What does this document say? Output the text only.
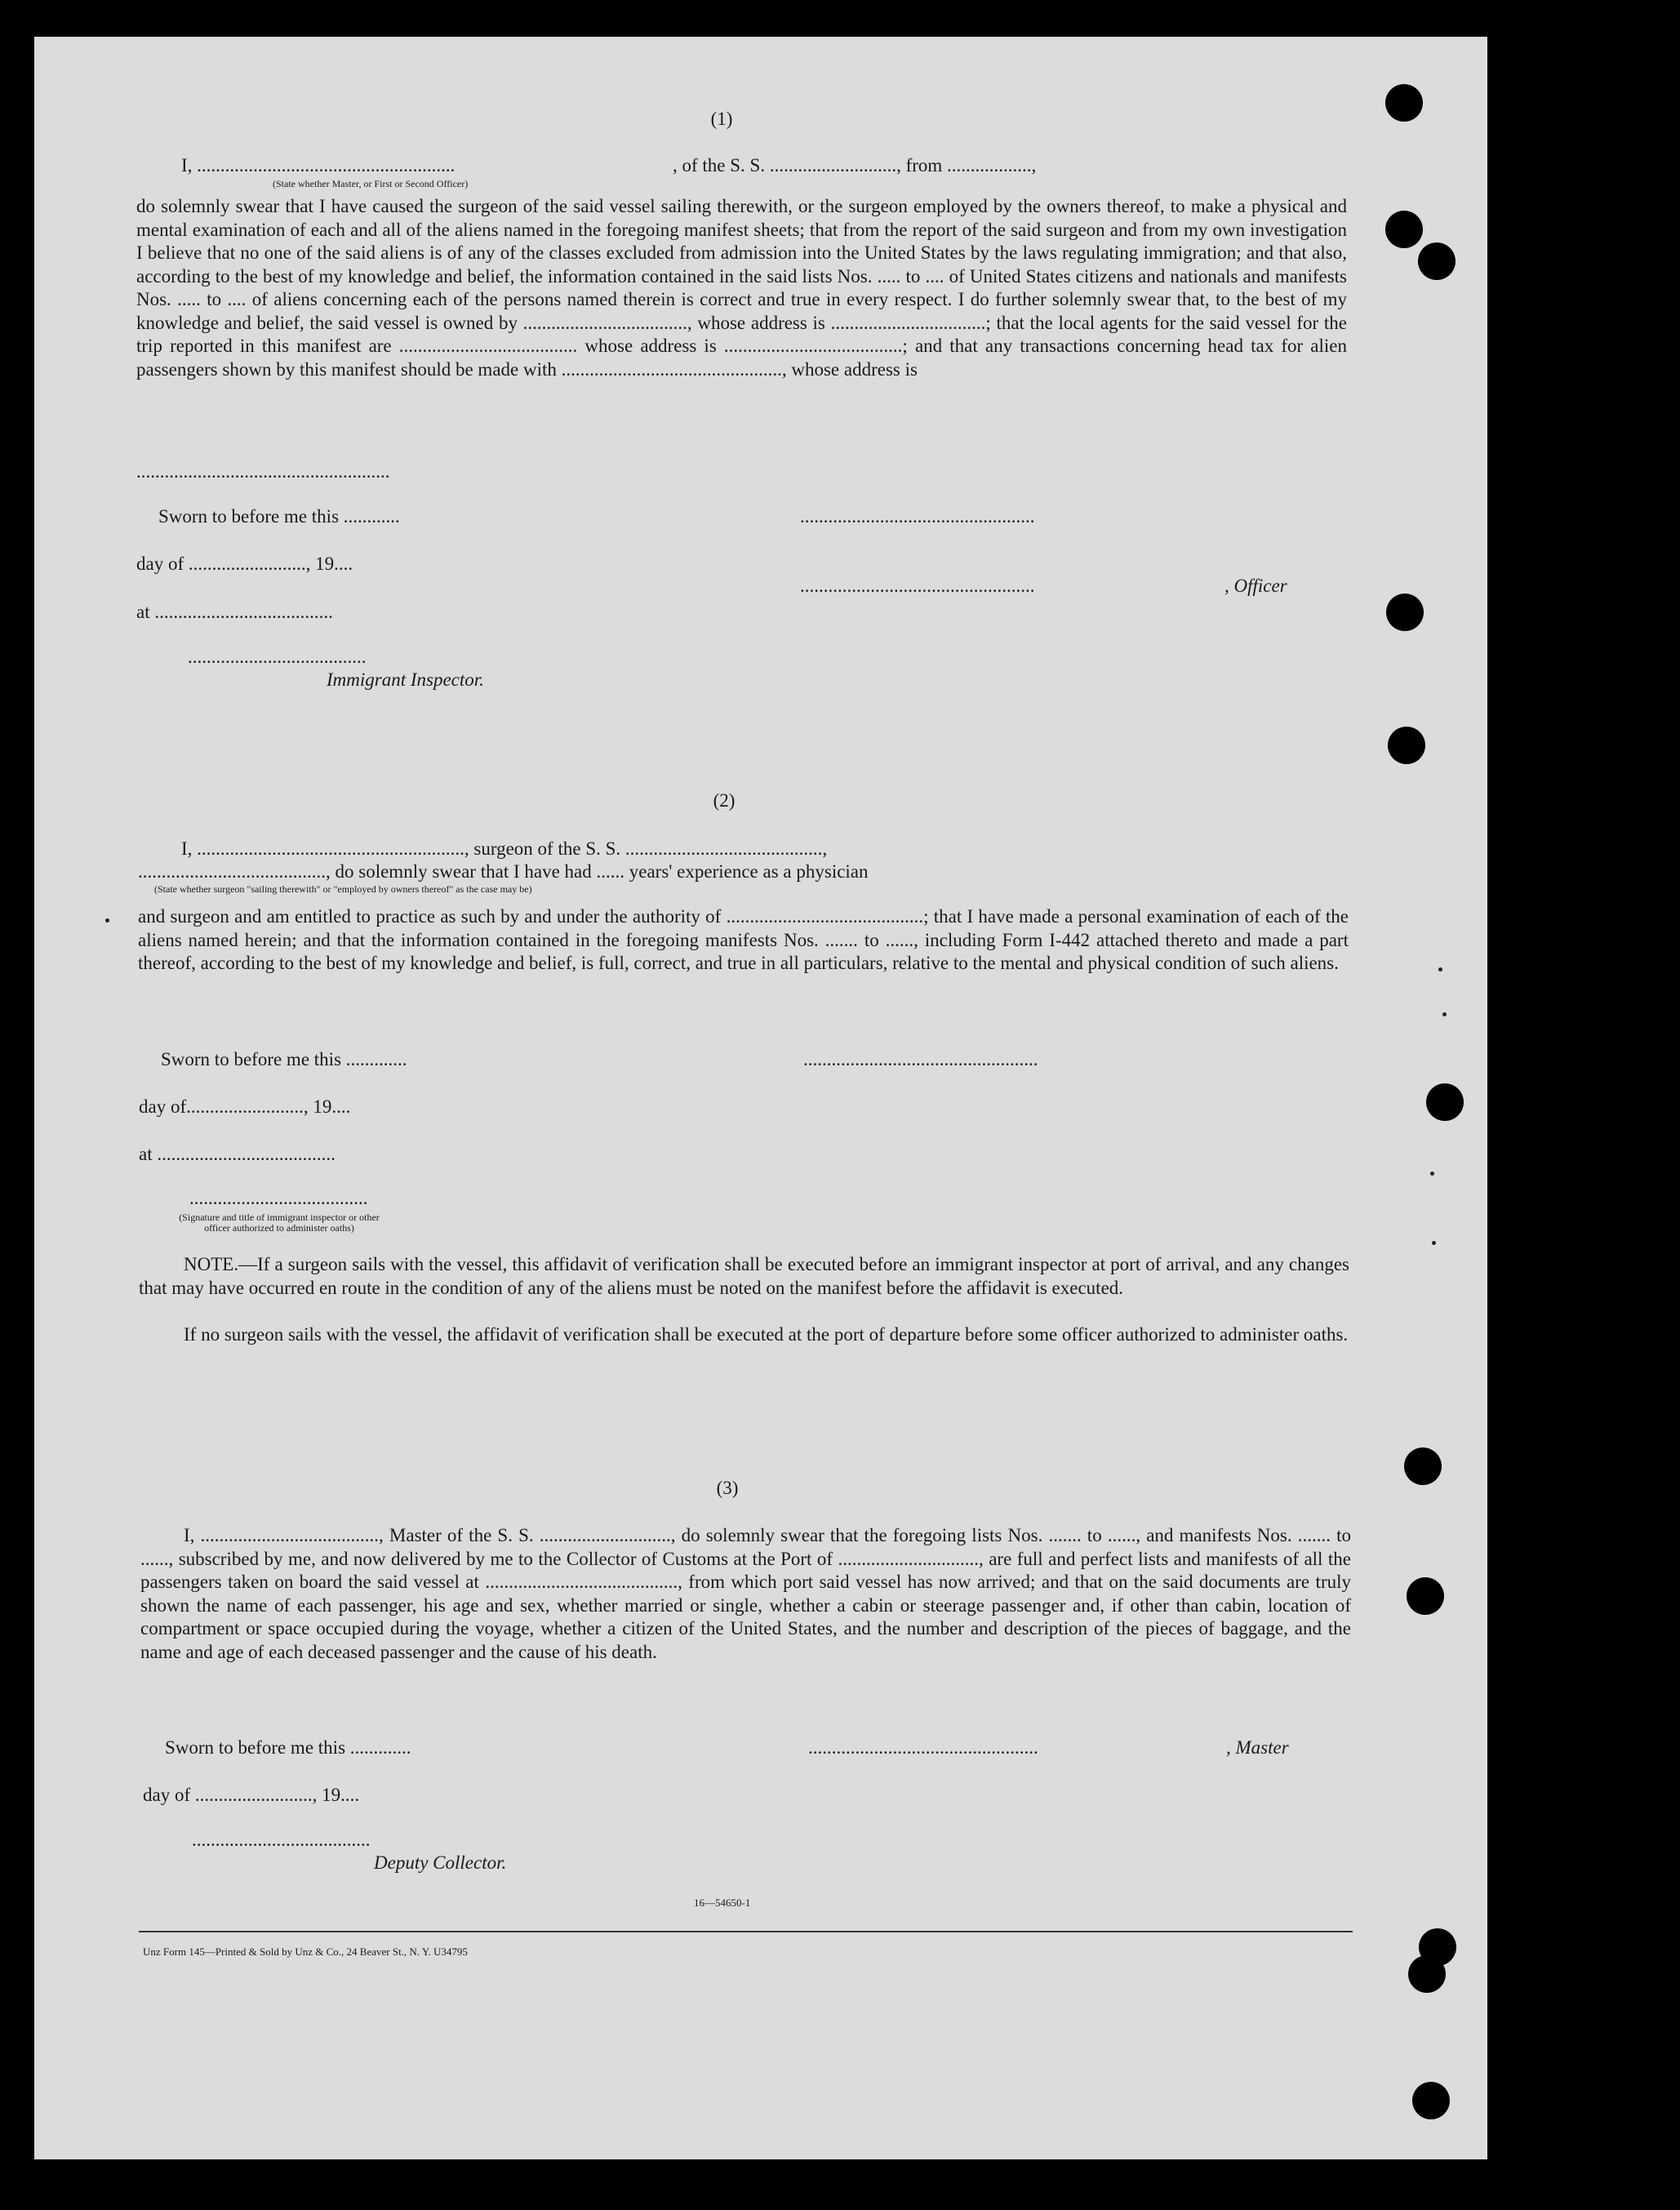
(1)
I, .......................................................	, of the S. S. ..........................., from ..................,
(State whether Master, or First or Second Officer)

do solemnly swear that I have caused the surgeon of the said vessel sailing therewith, or the surgeon employed by the owners thereof, to make a physical and mental examination of each and all of the aliens named in the foregoing manifest sheets; that from the report of the said surgeon and from my own investigation I believe that no one of the said aliens is of any of the classes excluded from admission into the United States by the laws regulating immigration; and that also, according to the best of my knowledge and belief, the information contained in the said lists Nos. ..... to .... of United States citizens and nationals and manifests Nos. ..... to .... of aliens concerning each of the persons named therein is correct and true in every respect. I do further solemnly swear that, to the best of my knowledge and belief, the said vessel is owned by ..................................., whose address is .................................; that the local agents for the said vessel for the trip reported in this manifest are ...................................... whose address is ......................................; and that any transactions concerning head tax for alien passengers shown by this manifest should be made with ..............................................., whose address is

......................................................
Sworn to before me this ............	..................................................
day of ........................., 19....
..................................................	, Officer
at ......................................
......................................
Immigrant Inspector.
(2)
I, ........................................................., surgeon of the S. S. ..........................................,
........................................, do solemnly swear that I have had ...... years' experience as a physician
(State whether surgeon "sailing therewith" or "employed by owners thereof" as the case may be)

and surgeon and am entitled to practice as such by and under the authority of ..........................................; that I have made a personal examination of each of the aliens named herein; and that the information contained in the foregoing manifests Nos. ....... to ......, including Form I-442 attached thereto and made a part thereof, according to the best of my knowledge and belief, is full, correct, and true in all particulars, relative to the mental and physical condition of such aliens.

Sworn to before me this .............	..................................................
day of........................., 19....
at ......................................
......................................
(Signature and title of immigrant inspector or other officer authorized to administer oaths)

NOTE.—If a surgeon sails with the vessel, this affidavit of verification shall be executed before an immigrant inspector at port of arrival, and any changes that may have occurred en route in the condition of any of the aliens must be noted on the manifest before the affidavit is executed.

If no surgeon sails with the vessel, the affidavit of verification shall be executed at the port of departure before some officer authorized to administer oaths.

(3)

I, ......................................, Master of the S. S. ............................, do solemnly swear that the foregoing lists Nos. ....... to ......, and manifests Nos. ....... to ......, subscribed by me, and now delivered by me to the Collector of Customs at the Port of .............................., are full and perfect lists and manifests of all the passengers taken on board the said vessel at ........................................., from which port said vessel has now arrived; and that on the said documents are truly shown the name of each passenger, his age and sex, whether married or single, whether a cabin or steerage passenger and, if other than cabin, location of compartment or space occupied during the voyage, whether a citizen of the United States, and the number and description of the pieces of baggage, and the name and age of each deceased passenger and the cause of his death.

Sworn to before me this .............	.................................................	, Master
day of ........................., 19....
......................................
Deputy Collector.
16—54650-1
Unz Form 145—Printed & Sold by Unz & Co., 24 Beaver St., N. Y. U34795
